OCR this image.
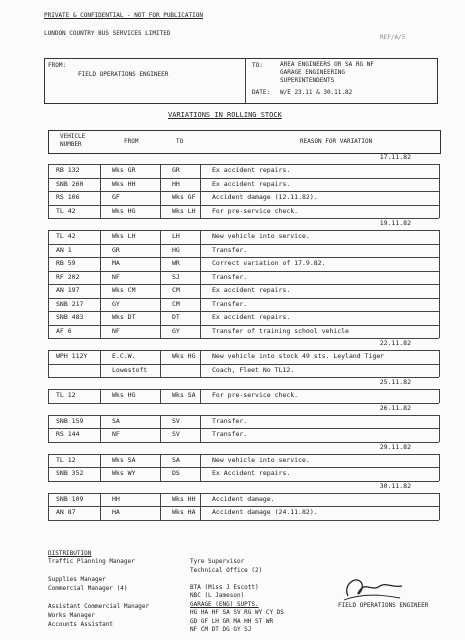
PRIVATE & CONFIDENTIAL - NOT FOR PUBLICATION
LONDON COUNTRY BUS SERVICES LIMITED
REF/A/5
FROM:
FIELD OPERATIONS ENGINEER
TO:	AREA ENGINEERS OR SA RG NF
GARAGE ENGINEERING
SUPERINTENDENTS
DATE: W/E 23.11 & 30.11.82
VARIATIONS IN ROLLING STOCK
VEHICLE
NUMBER	FROM	TO	REASON FOR VARIATION
17.11.82
RB 132	Wks GR	GR	Ex accident repairs.
SNB 260	Wks HH	HH	Ex accident repairs.
RS 106	GF	Wks GF	Accident damage (12.11.82).
TL 42	Wks HG	Wks LH	For pre-service check.
19.11.82
TL 42	Wks LH	LH	New vehicle into service.
AN 1	GR	HG	Transfer.
RB 59	MA	WR	Correct variation of 17.9.82.
RF 202	NF	SJ	Transfer.
AN 197	Wks CM	CM	Ex accident repairs.
SNB 217	GY	CM	Transfer.
SNB 483	Wks DT	DT	Ex accident repairs.
AF 6	NF	GY	Transfer of training school vehicle
22.11.82
WPH 112Y	E.C.W.	Wks HG	New vehicle into stock 49 sts. Leyland Tiger
Lowestoft	Coach, Fleet No TL12.
25.11.82
TL 12	Wks HG	Wks SA	For pre-service check.
26.11.82
SNB 159	SA	SV	Transfer.
RS 144	NF	SV	Transfer.
29.11.82
TL 12	Wks SA	SA	New vehicle into service.
SNB 352	Wks WY	DS	Ex Accident repairs.
30.11.82
SNB 109	HH	Wks HH	Accident damage.
AN 87	HA	Wks HA	Accident damage (24.11.82).
DISTRIBUTION
Traffic Planning Manager
Supplies Manager
Commercial Manager (4)
Assistant Commercial Manager
Works Manager
Accounts Assistant
Tyre Supervisor
Technical Office (2)
BTA (Miss J Escott)
NBC (L Jameson)
GARAGE (ENG) SUPTS.
HG HA HF SA SV RG WY CY DS
GD GF LH GR MA HH ST WR
NF CM DT DG GY SJ
FIELD OPERATIONS ENGINEER
